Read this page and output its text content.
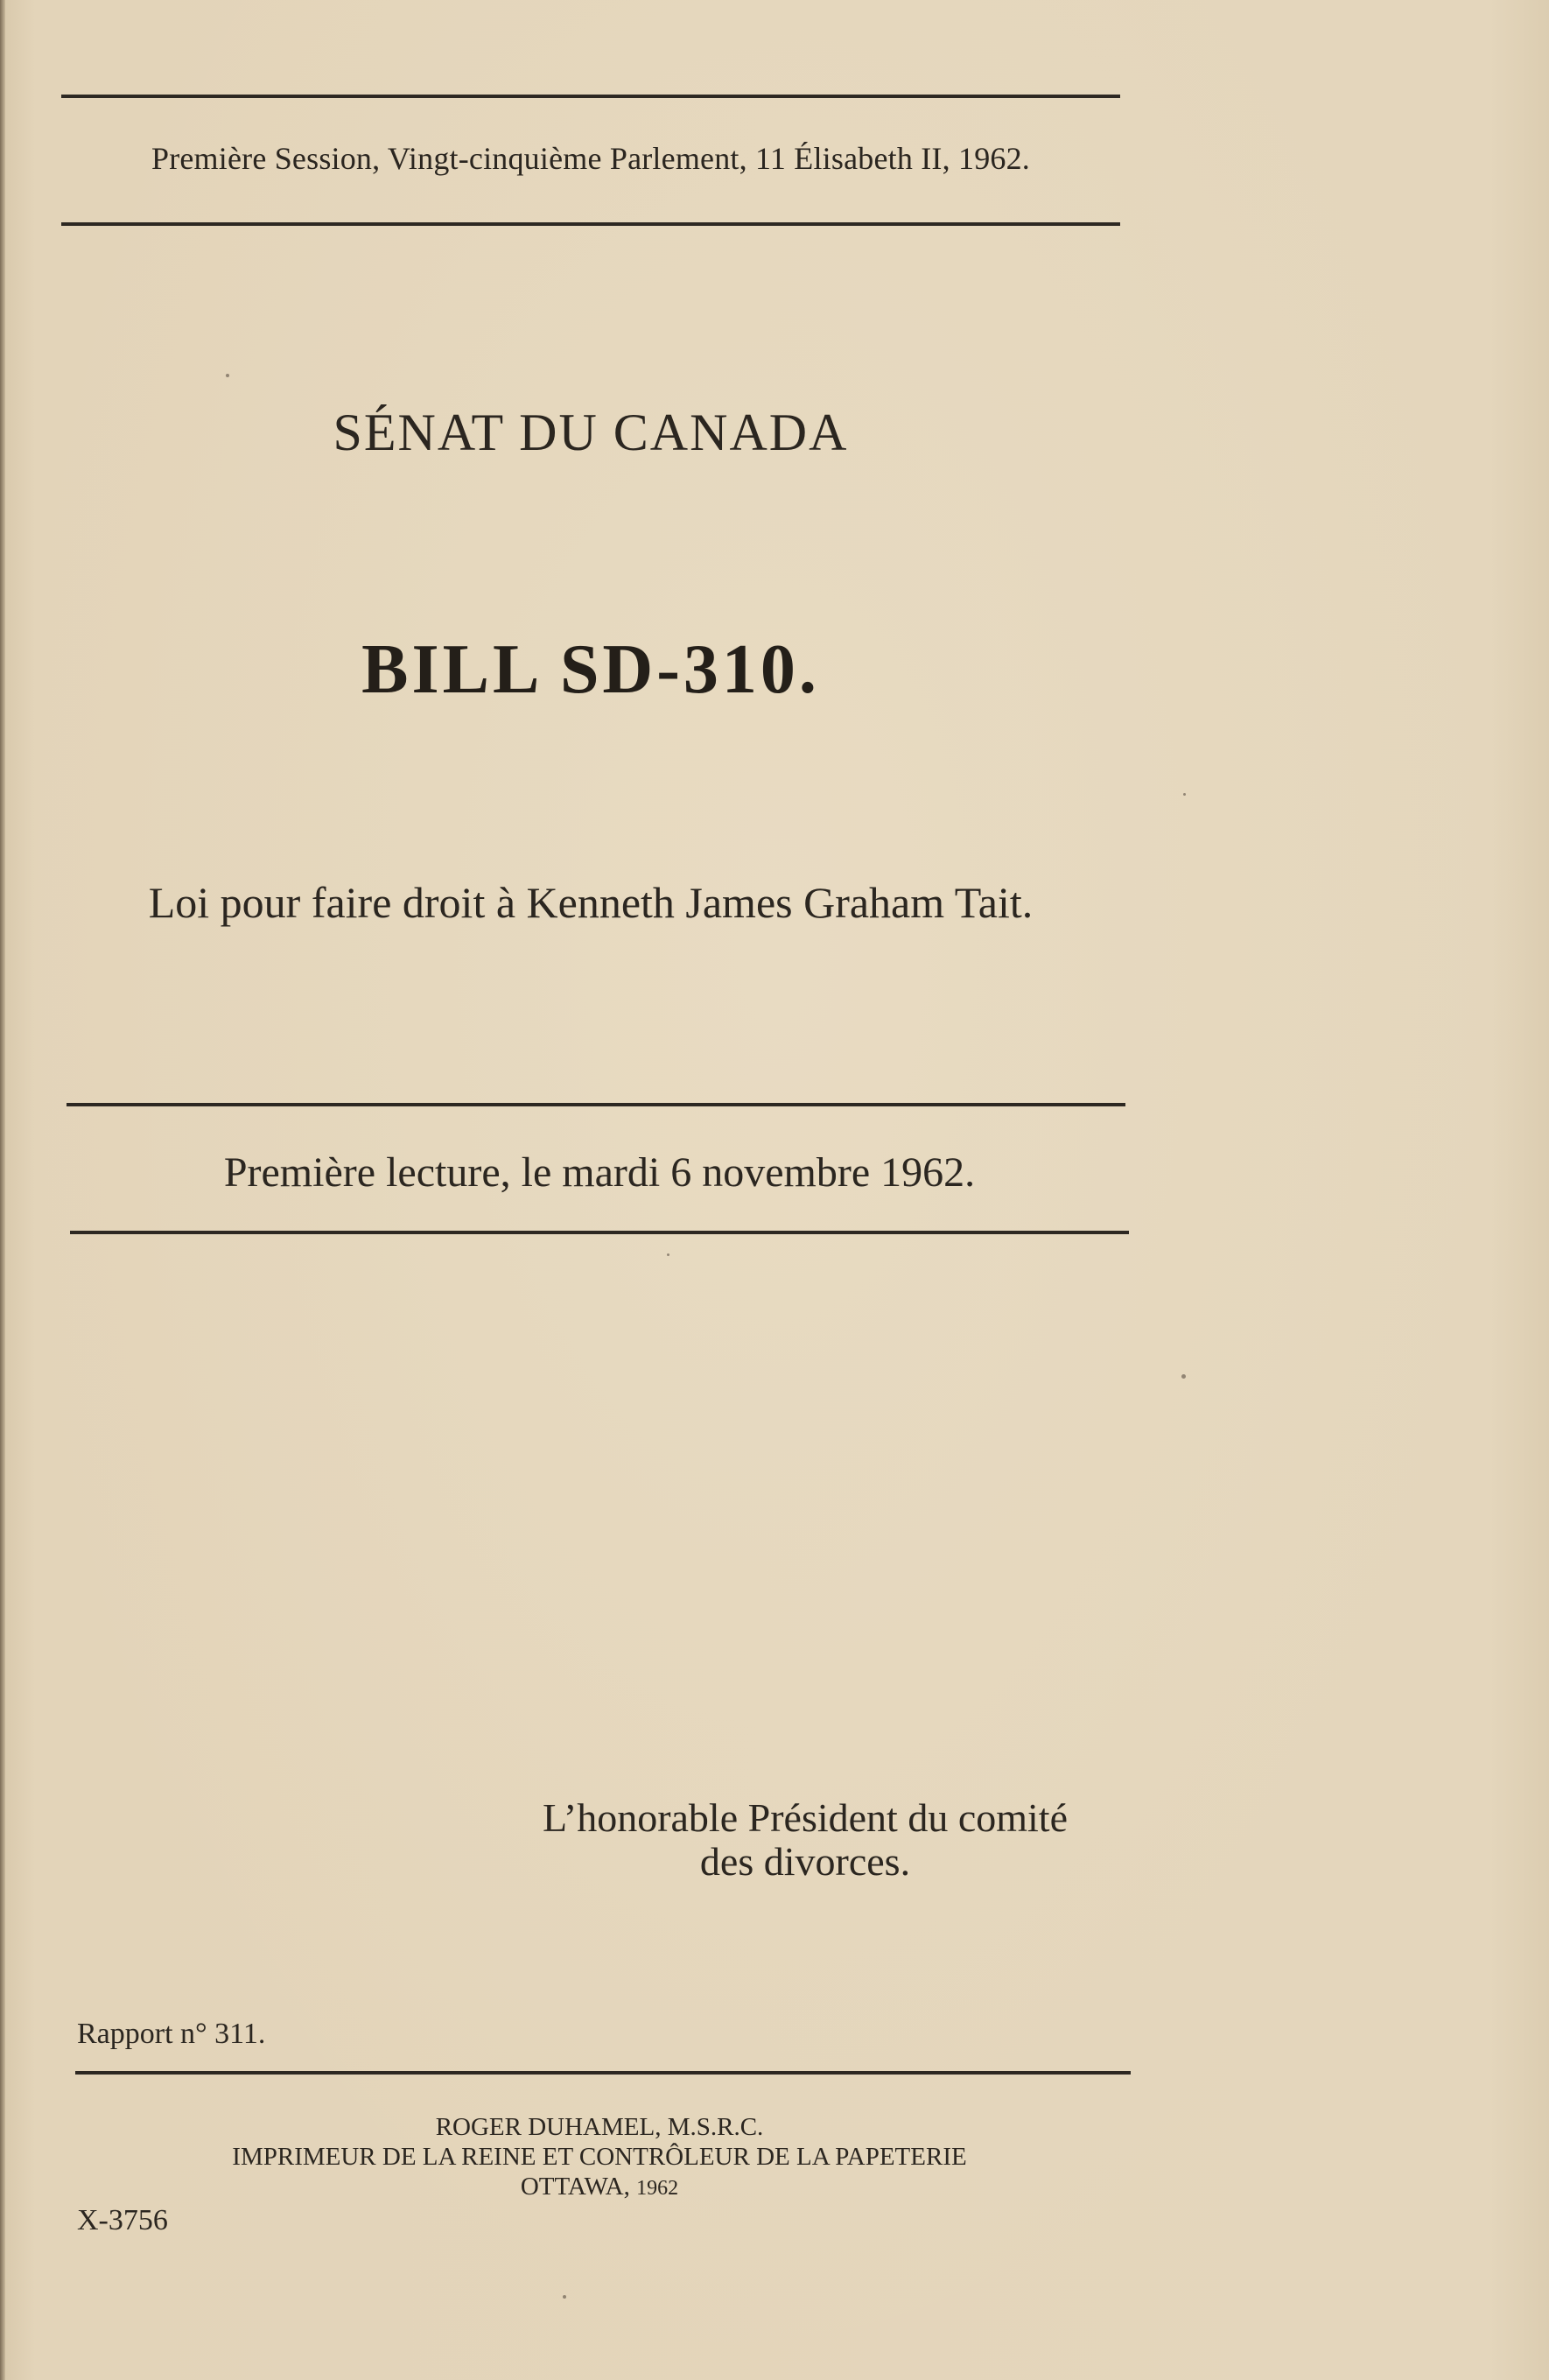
Première Session, Vingt-cinquième Parlement, 11 Élisabeth II, 1962.
SÉNAT DU CANADA
BILL SD-310.
Loi pour faire droit à Kenneth James Graham Tait.
Première lecture, le mardi 6 novembre 1962.
L’honorable Président du comité
des divorces.
Rapport n° 311.
ROGER DUHAMEL, M.S.R.C.
IMPRIMEUR DE LA REINE ET CONTRÔLEUR DE LA PAPETERIE
OTTAWA, 1962
X-3756
